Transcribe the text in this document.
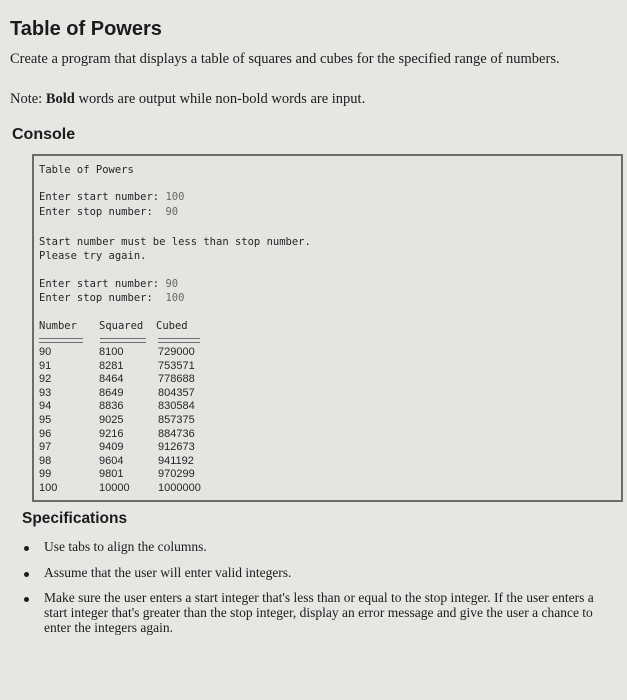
Table of Powers
Create a program that displays a table of squares and cubes for the specified range of numbers.
Note: Bold words are output while non-bold words are input.
Console
Table of Powers
Enter start number: 100
Enter stop number: 90
Start number must be less than stop number.
Please try again.
Enter start number: 90
Enter stop number: 100
Number Squared Cubed
90	8100	729000
91	8281	753571
92	8464	778688
93	8649	804357
94	8836	830584
95	9025	857375
96	9216	884736
97	9409	912673
98	9604	941192
99	9801	970299
100	10000	1000000
Specifications
Use tabs to align the columns.
Assume that the user will enter valid integers.
Make sure the user enters a start integer that's less than or equal to the stop integer. If the user enters a start integer that's greater than the stop integer, display an error message and give the user a chance to enter the integers again.
